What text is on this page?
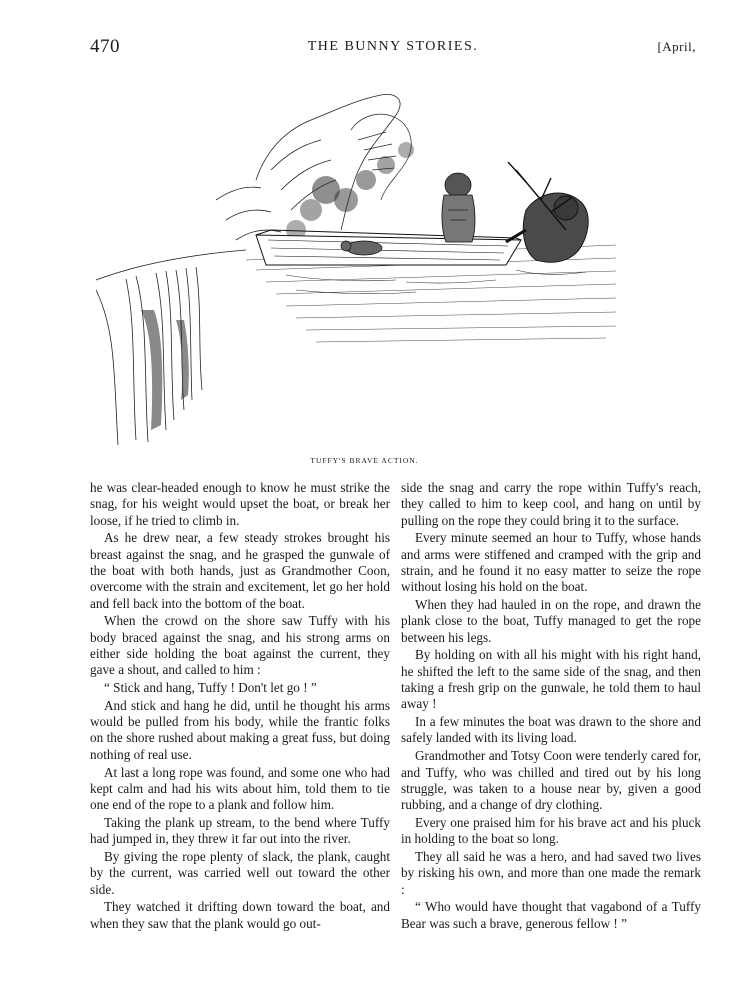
470	THE BUNNY STORIES.	[April,
TUFFY'S BRAVE ACTION.

he was clear-headed enough to know he must strike the snag, for his weight would upset the boat, or break her loose, if he tried to climb in.

As he drew near, a few steady strokes brought his breast against the snag, and he grasped the gunwale of the boat with both hands, just as Grandmother Coon, overcome with the strain and excitement, let go her hold and fell back into the bottom of the boat.

When the crowd on the shore saw Tuffy with his body braced against the snag, and his strong arms on either side holding the boat against the current, they gave a shout, and called to him :

“ Stick and hang, Tuffy ! Don't let go ! ”

And stick and hang he did, until he thought his arms would be pulled from his body, while the frantic folks on the shore rushed about making a great fuss, but doing nothing of real use.

At last a long rope was found, and some one who had kept calm and had his wits about him, told them to tie one end of the rope to a plank and follow him.

Taking the plank up stream, to the bend where Tuffy had jumped in, they threw it far out into the river.

By giving the rope plenty of slack, the plank, caught by the current, was carried well out toward the other side.

They watched it drifting down toward the boat, and when they saw that the plank would go out-

side the snag and carry the rope within Tuffy's reach, they called to him to keep cool, and hang on until by pulling on the rope they could bring it to the surface.

Every minute seemed an hour to Tuffy, whose hands and arms were stiffened and cramped with the grip and strain, and he found it no easy matter to seize the rope without losing his hold on the boat.

When they had hauled in on the rope, and drawn the plank close to the boat, Tuffy managed to get the rope between his legs.

By holding on with all his might with his right hand, he shifted the left to the same side of the snag, and then taking a fresh grip on the gunwale, he told them to haul away !

In a few minutes the boat was drawn to the shore and safely landed with its living load.

Grandmother and Totsy Coon were tenderly cared for, and Tuffy, who was chilled and tired out by his long struggle, was taken to a house near by, given a good rubbing, and a change of dry clothing.

Every one praised him for his brave act and his pluck in holding to the boat so long.

They all said he was a hero, and had saved two lives by risking his own, and more than one made the remark :

“ Who would have thought that vagabond of a Tuffy Bear was such a brave, generous fellow ! ”
